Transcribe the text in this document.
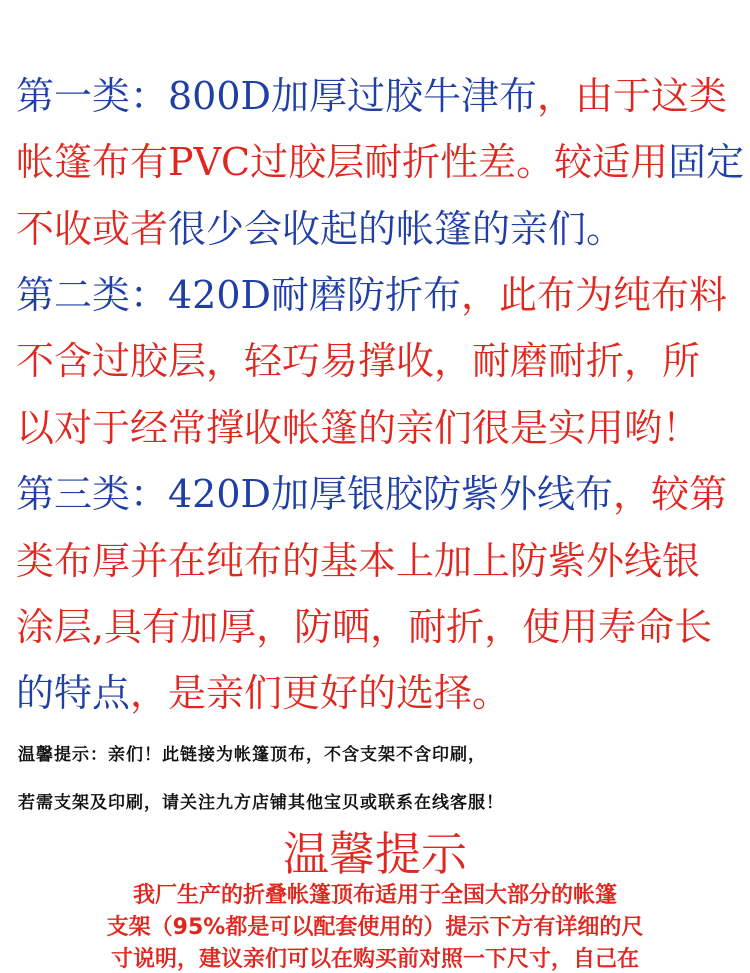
第一类：800D加厚过胶牛津布，由于这类
帐篷布有PVC过胶层耐折性差。较适用固定
不收或者很少会收起的帐篷的亲们。
第二类：420D耐磨防折布，此布为纯布料
不含过胶层，轻巧易撑收，耐磨耐折，所
以对于经常撑收帐篷的亲们很是实用哟！
第三类：420D加厚银胶防紫外线布，较第
类布厚并在纯布的基本上加上防紫外线银
涂层,具有加厚，防晒，耐折，使用寿命长
的特点，是亲们更好的选择。
温馨提示：亲们！此链接为帐篷顶布，不含支架不含印刷，
若需支架及印刷，请关注九方店铺其他宝贝或联系在线客服！
温馨提示
我厂生产的折叠帐篷顶布适用于全国大部分的帐篷
支架（95%都是可以配套使用的）提示下方有详细的尺
寸说明，建议亲们可以在购买前对照一下尺寸，自己在
